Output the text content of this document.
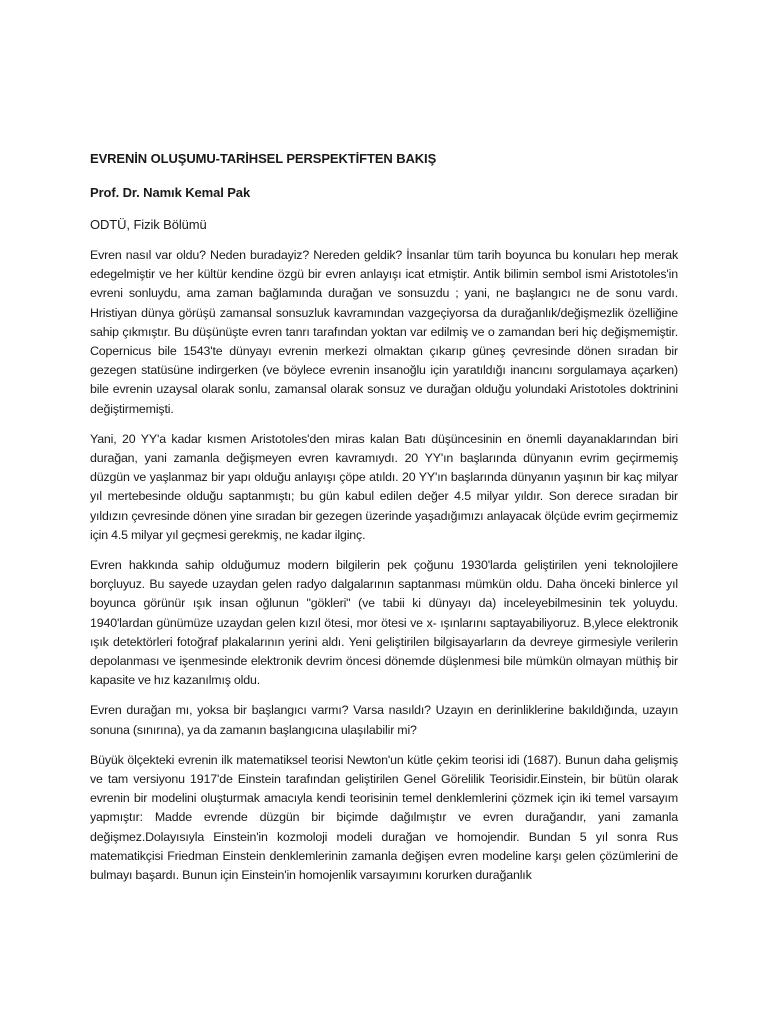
EVRENİN OLUŞUMU-TARİHSEL PERSPEKTİFTEN BAKIŞ
Prof. Dr. Namık Kemal Pak
ODTÜ, Fizik Bölümü

Evren nasıl var oldu? Neden buradayiz? Nereden geldik? İnsanlar tüm tarih boyunca bu konuları hep merak edegelmiştir ve her kültür kendine özgü bir evren anlayışı icat etmiştir. Antik bilimin sembol ismi Aristotoles'in evreni sonluydu, ama zaman bağlamında durağan ve sonsuzdu ; yani, ne başlangıcı ne de sonu vardı. Hristiyan dünya görüşü zamansal sonsuzluk kavramından vazgeçiyorsa da durağanlık/değişmezlik özelliğine sahip çıkmıştır. Bu düşünüşte evren tanrı tarafından yoktan var edilmiş ve o zamandan beri hiç değişmemiştir. Copernicus bile 1543'te dünyayı evrenin merkezi olmaktan çıkarıp güneş çevresinde dönen sıradan bir gezegen statüsüne indirgerken (ve böylece evrenin insanoğlu için yaratıldığı inancını sorgulamaya açarken) bile evrenin uzaysal olarak sonlu, zamansal olarak sonsuz ve durağan olduğu yolundaki Aristotoles doktrinini değiştirmemişti.

Yani, 20 YY'a kadar kısmen Aristotoles'den miras kalan Batı düşüncesinin en önemli dayanaklarından biri durağan, yani zamanla değişmeyen evren kavramıydı. 20 YY'ın başlarında dünyanın evrim geçirmemiş düzgün ve yaşlanmaz bir yapı olduğu anlayışı çöpe atıldı. 20 YY'ın başlarında dünyanın yaşının bir kaç milyar yıl mertebesinde olduğu saptanmıştı; bu gün kabul edilen değer 4.5 milyar yıldır. Son derece sıradan bir yıldızın çevresinde dönen yine sıradan bir gezegen üzerinde yaşadığımızı anlayacak ölçüde evrim geçirmemiz için 4.5 milyar yıl geçmesi gerekmiş, ne kadar ilginç.

Evren hakkında sahip olduğumuz modern bilgilerin pek çoğunu 1930'larda geliştirilen yeni teknolojilere borçluyuz. Bu sayede uzaydan gelen radyo dalgalarının saptanması mümkün oldu. Daha önceki binlerce yıl boyunca görünür ışık insan oğlunun "gökleri" (ve tabii ki dünyayı da) inceleyebilmesinin tek yoluydu. 1940'lardan günümüze uzaydan gelen kızıl ötesi, mor ötesi ve x- ışınlarını saptayabiliyoruz. B,ylece elektronik ışık detektörleri fotoğraf plakalarının yerini aldı. Yeni geliştirilen bilgisayarların da devreye girmesiyle verilerin depolanması ve işenmesinde elektronik devrim öncesi dönemde düşlenmesi bile mümkün olmayan müthiş bir kapasite ve hız kazanılmış oldu.

Evren durağan mı, yoksa bir başlangıcı varmı? Varsa nasıldı? Uzayın en derinliklerine bakıldığında, uzayın sonuna (sınırına), ya da zamanın başlangıcına ulaşılabilir mi?

Büyük ölçekteki evrenin ilk matematiksel teorisi Newton'un kütle çekim teorisi idi (1687). Bunun daha gelişmiş ve tam versiyonu 1917'de Einstein tarafından geliştirilen Genel Görelilik Teorisidir.Einstein, bir bütün olarak evrenin bir modelini oluşturmak amacıyla kendi teorisinin temel denklemlerini çözmek için iki temel varsayım yapmıştır: Madde evrende düzgün bir biçimde dağılmıştır ve evren durağandır, yani zamanla değişmez.Dolayısıyla Einstein'in kozmoloji modeli durağan ve homojendir. Bundan 5 yıl sonra Rus matematikçisi Friedman Einstein denklemlerinin zamanla değişen evren modeline karşı gelen çözümlerini de bulmayı başardı. Bunun için Einstein'in homojenlik varsayımını korurken durağanlık
